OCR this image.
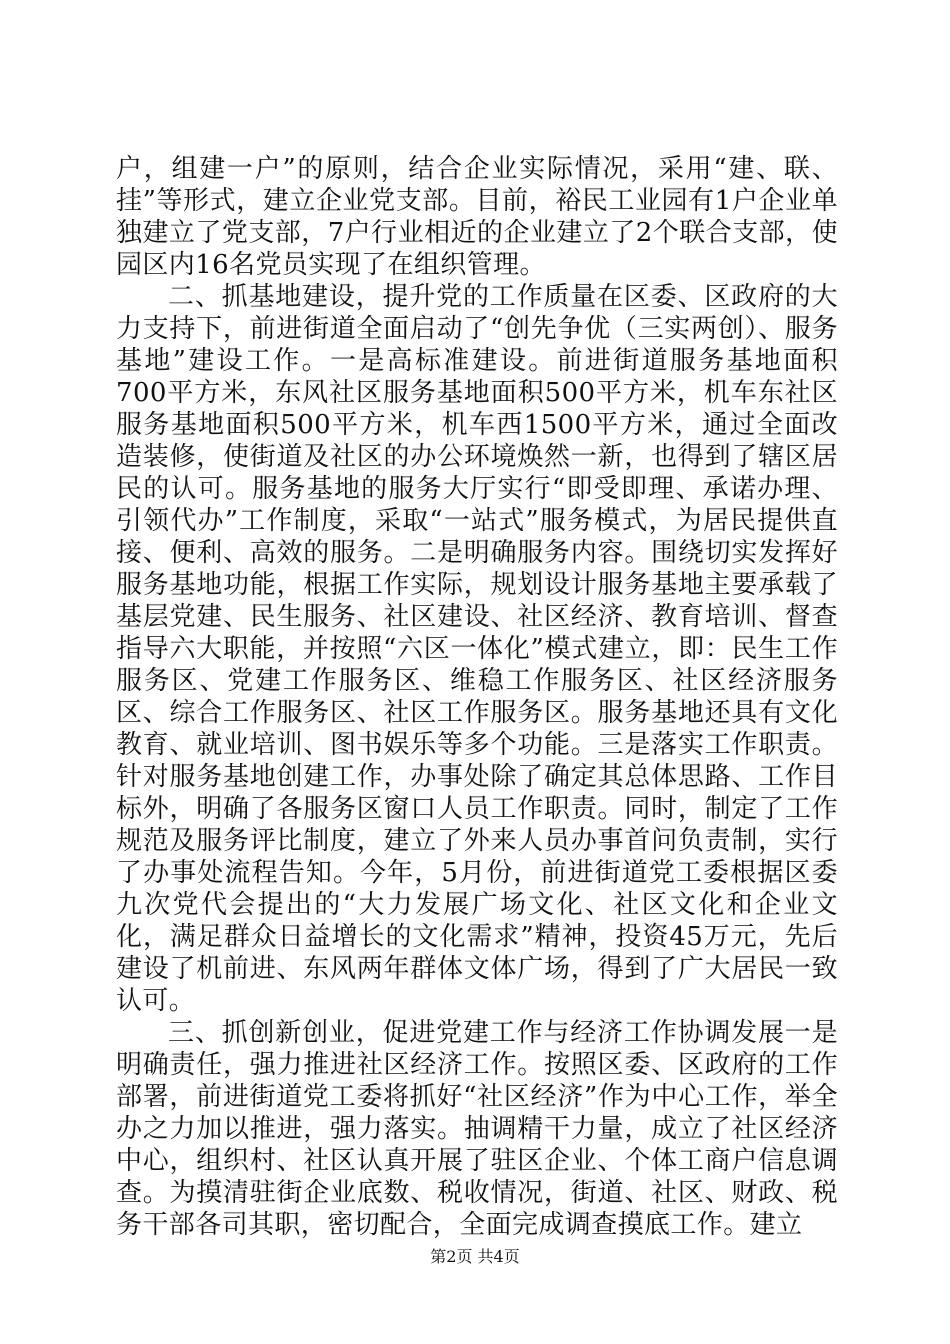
户，组建一户”的原则，结合企业实际情况，采用“建、联、挂”等形式，建立企业党支部。目前，裕民工业园有1户企业单独建立了党支部，7户行业相近的企业建立了2个联合支部，使园区内16名党员实现了在组织管理。

二、抓基地建设，提升党的工作质量在区委、区政府的大力支持下，前进街道全面启动了“创先争优（三实两创）、服务基地”建设工作。一是高标准建设。前进街道服务基地面积700平方米，东风社区服务基地面积500平方米，机车东社区服务基地面积500平方米，机车西1500平方米，通过全面改造装修，使街道及社区的办公环境焕然一新，也得到了辖区居民的认可。服务基地的服务大厅实行“即受即理、承诺办理、引领代办”工作制度，采取“一站式”服务模式，为居民提供直接、便利、高效的服务。二是明确服务内容。围绕切实发挥好服务基地功能，根据工作实际，规划设计服务基地主要承载了基层党建、民生服务、社区建设、社区经济、教育培训、督查指导六大职能，并按照“六区一体化”模式建立，即：民生工作服务区、党建工作服务区、维稳工作服务区、社区经济服务区、综合工作服务区、社区工作服务区。服务基地还具有文化教育、就业培训、图书娱乐等多个功能。三是落实工作职责。针对服务基地创建工作，办事处除了确定其总体思路、工作目标外，明确了各服务区窗口人员工作职责。同时，制定了工作规范及服务评比制度，建立了外来人员办事首问负责制，实行了办事处流程告知。今年，5月份，前进街道党工委根据区委九次党代会提出的“大力发展广场文化、社区文化和企业文化，满足群众日益增长的文化需求”精神，投资45万元，先后建设了机前进、东风两年群体文体广场，得到了广大居民一致认可。

三、抓创新创业，促进党建工作与经济工作协调发展一是明确责任，强力推进社区经济工作。按照区委、区政府的工作部署，前进街道党工委将抓好“社区经济”作为中心工作，举全办之力加以推进，强力落实。抽调精干力量，成立了社区经济中心，组织村、社区认真开展了驻区企业、个体工商户信息调查。为摸清驻街企业底数、税收情况，街道、社区、财政、税务干部各司其职，密切配合，全面完成调查摸底工作。建立

第2页 共4页
